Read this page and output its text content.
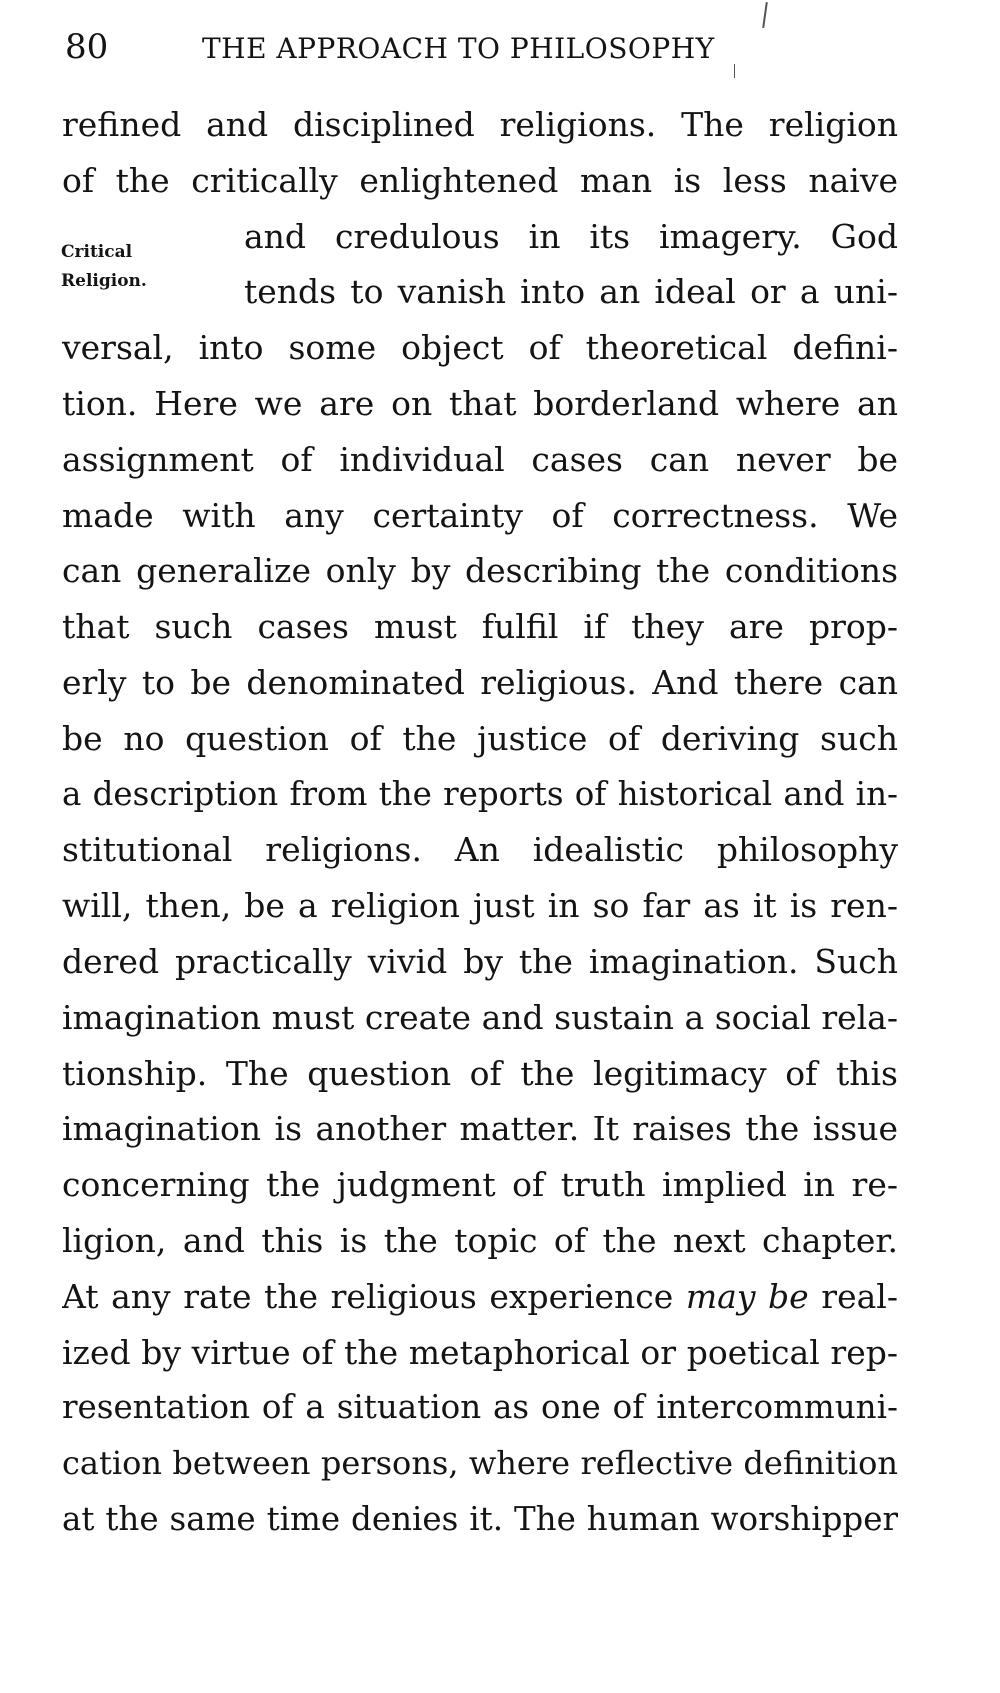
80	THE APPROACH TO PHILOSOPHY
Critical
Religion.
refined and disciplined religions. The religion
of the critically enlightened man is less naive
and credulous in its imagery. God
tends to vanish into an ideal or a uni-
versal, into some object of theoretical defini-
tion. Here we are on that borderland where an
assignment of individual cases can never be
made with any certainty of correctness. We
can generalize only by describing the conditions
that such cases must fulfil if they are prop-
erly to be denominated religious. And there can
be no question of the justice of deriving such
a description from the reports of historical and in-
stitutional religions. An idealistic philosophy
will, then, be a religion just in so far as it is ren-
dered practically vivid by the imagination. Such
imagination must create and sustain a social rela-
tionship. The question of the legitimacy of this
imagination is another matter. It raises the issue
concerning the judgment of truth implied in re-
ligion, and this is the topic of the next chapter.
At any rate the religious experience may be real-
ized by virtue of the metaphorical or poetical rep-
resentation of a situation as one of intercommuni-
cation between persons, where reflective definition
at the same time denies it. The human worshipper
